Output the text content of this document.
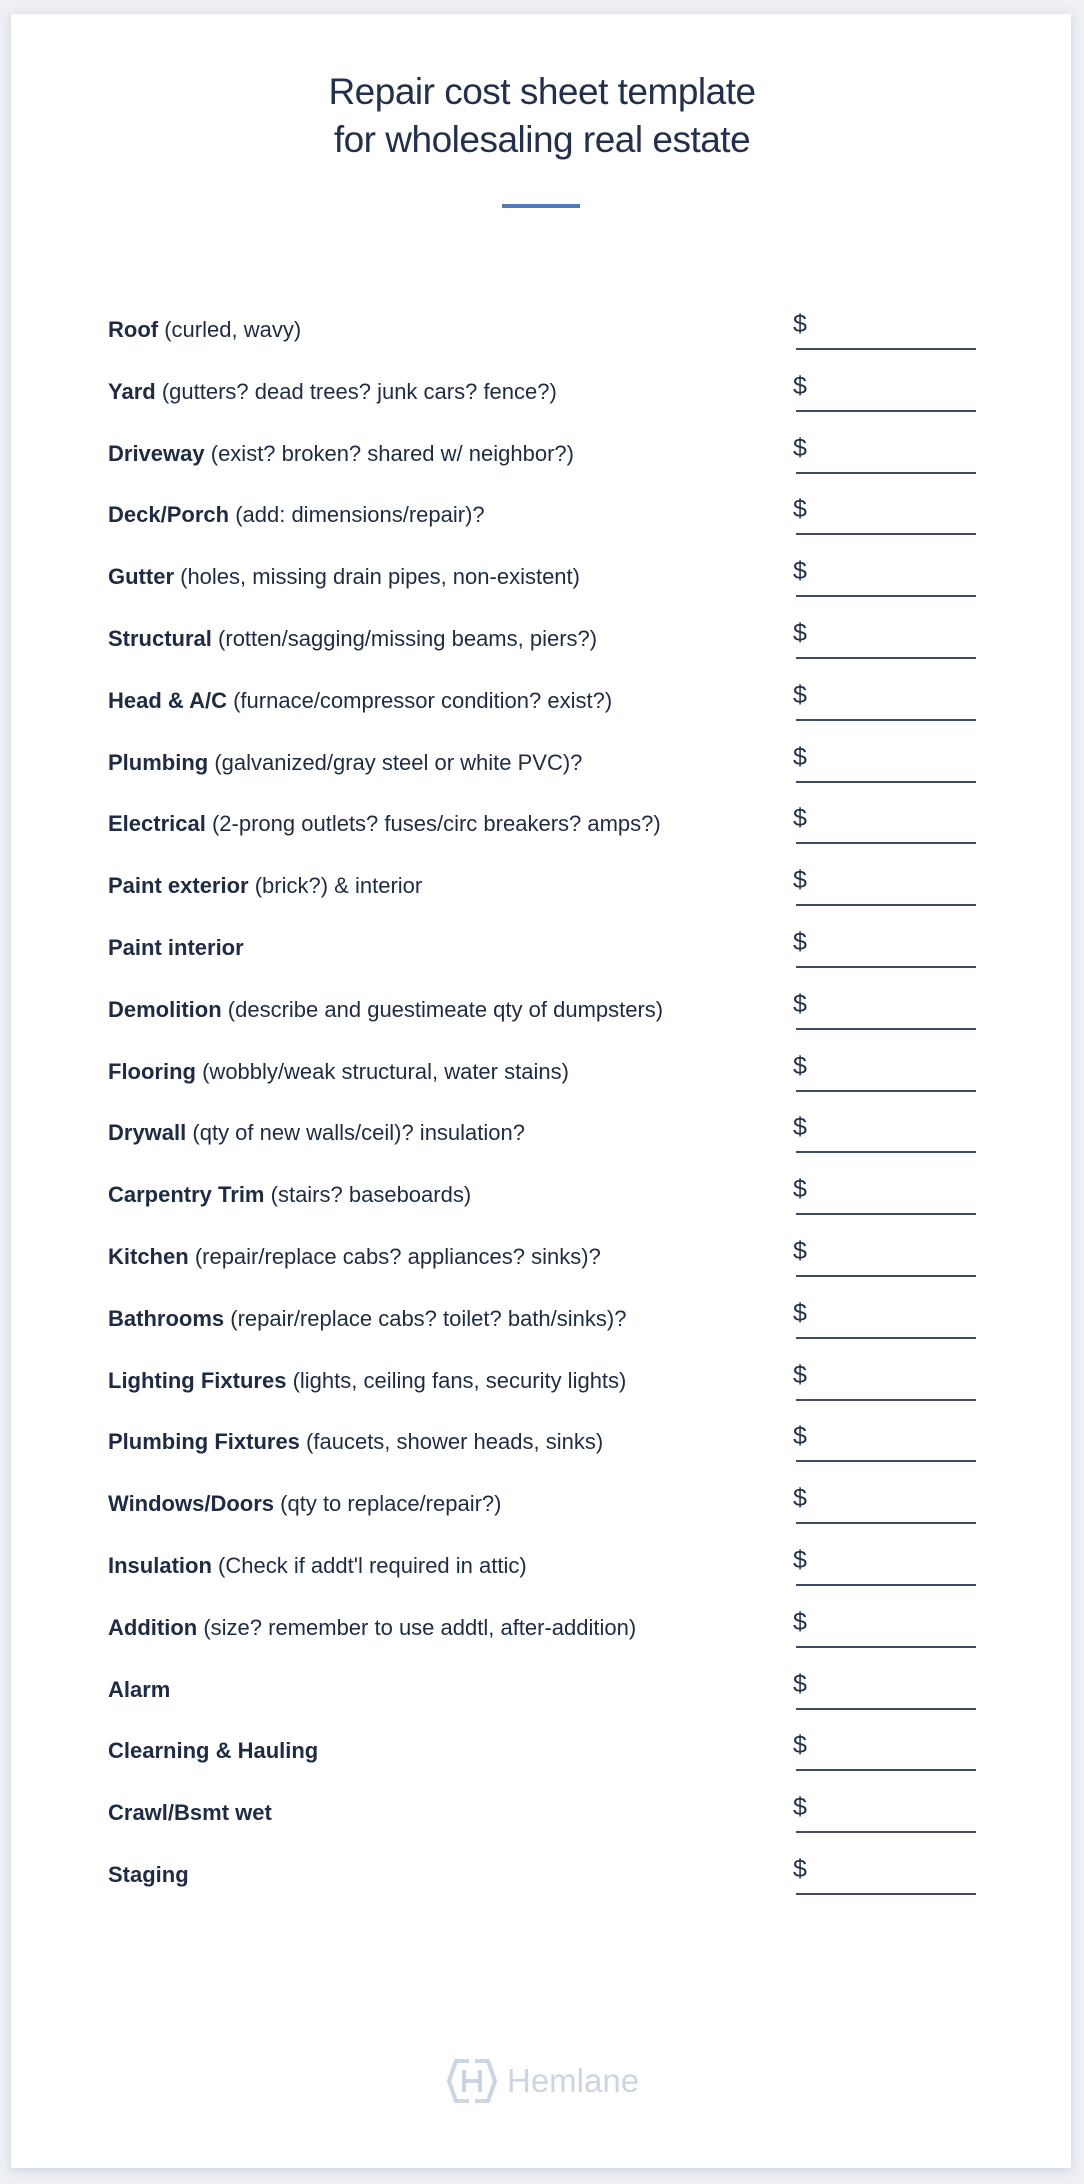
Repair cost sheet template
for wholesaling real estate
Roof (curled, wavy)	$
Yard (gutters? dead trees? junk cars? fence?)	$
Driveway (exist? broken? shared w/ neighbor?)	$
Deck/Porch (add: dimensions/repair)?	$
Gutter (holes, missing drain pipes, non-existent)	$
Structural (rotten/sagging/missing beams, piers?)	$
Head & A/C (furnace/compressor condition? exist?)	$
Plumbing (galvanized/gray steel or white PVC)?	$
Electrical (2-prong outlets? fuses/circ breakers? amps?)	$
Paint exterior (brick?) & interior	$
Paint interior	$
Demolition (describe and guestimeate qty of dumpsters)	$
Flooring (wobbly/weak structural, water stains)	$
Drywall (qty of new walls/ceil)? insulation?	$
Carpentry Trim (stairs? baseboards)	$
Kitchen (repair/replace cabs? appliances? sinks)?	$
Bathrooms (repair/replace cabs? toilet? bath/sinks)?	$
Lighting Fixtures (lights, ceiling fans, security lights)	$
Plumbing Fixtures (faucets, shower heads, sinks)	$
Windows/Doors (qty to replace/repair?)	$
Insulation (Check if addt'l required in attic)	$
Addition (size? remember to use addtl, after-addition)	$
Alarm	$
Clearning & Hauling	$
Crawl/Bsmt wet	$
Staging	$
Hemlane
